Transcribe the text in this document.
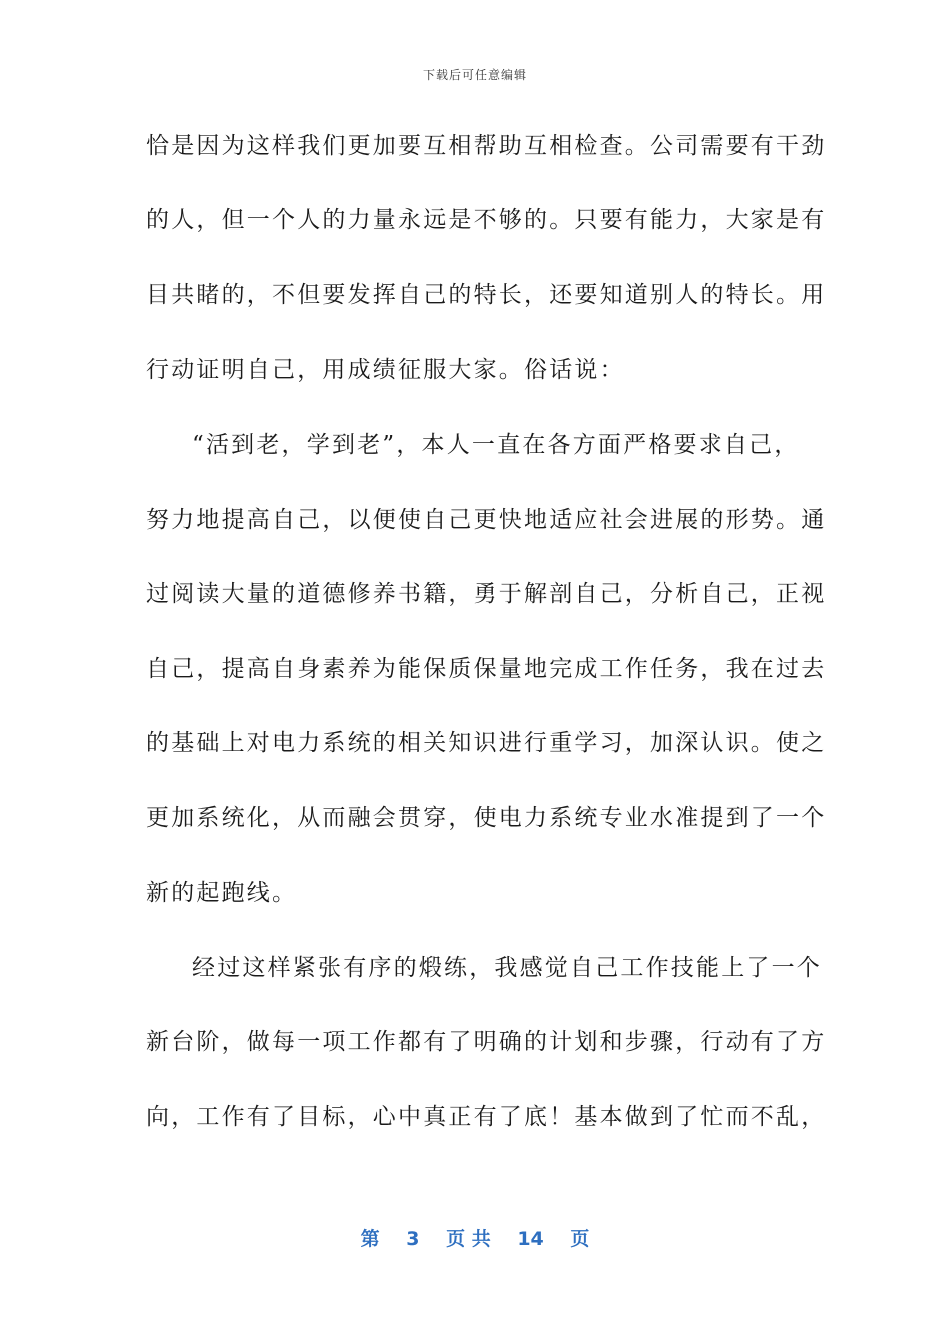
下载后可任意编辑
恰是因为这样我们更加要互相帮助互相检查。公司需要有干劲
的人，但一个人的力量永远是不够的。只要有能力，大家是有
目共睹的，不但要发挥自己的特长，还要知道别人的特长。用
行动证明自己，用成绩征服大家。俗话说：
“活到老，学到老”，本人一直在各方面严格要求自己，
努力地提高自己，以便使自己更快地适应社会进展的形势。通
过阅读大量的道德修养书籍，勇于解剖自己，分析自己，正视
自己，提高自身素养为能保质保量地完成工作任务，我在过去
的基础上对电力系统的相关知识进行重学习，加深认识。使之
更加系统化，从而融会贯穿，使电力系统专业水准提到了一个
新的起跑线。
经过这样紧张有序的煅练，我感觉自己工作技能上了一个
新台阶，做每一项工作都有了明确的计划和步骤，行动有了方
向，工作有了目标，心中真正有了底！基本做到了忙而不乱，
第 3 页 共 14 页
